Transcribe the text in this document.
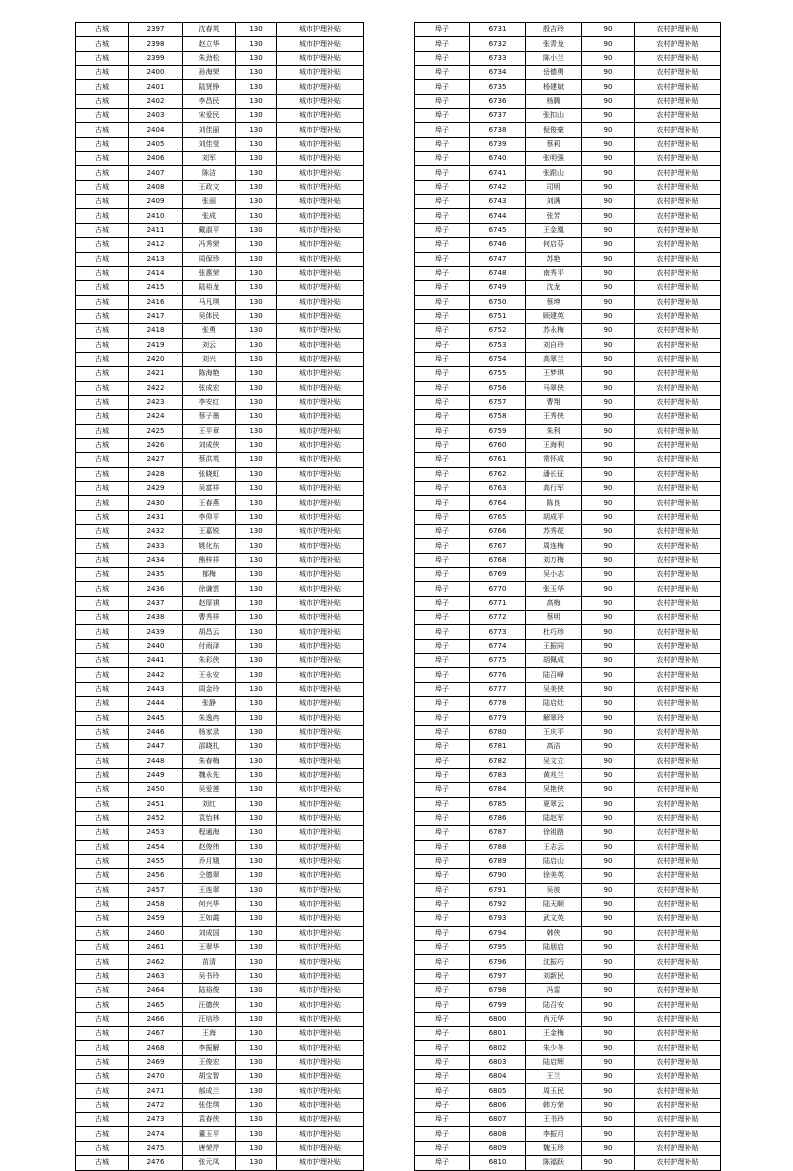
古城	2397	沈春英	130	城市护理补贴
古城	2398	赵立华	130	城市护理补贴
古城	2399	朱劲松	130	城市护理补贴
古城	2400	孙海荣	130	城市护理补贴
古城	2401	陆贤铮	130	城市护理补贴
古城	2402	李昌民	130	城市护理补贴
古城	2403	宋爱民	130	城市护理补贴
古城	2404	刘佳丽	130	城市护理补贴
古城	2405	刘佳莹	130	城市护理补贴
古城	2406	刘军	130	城市护理补贴
古城	2407	陈洁	130	城市护理补贴
古城	2408	王政文	130	城市护理补贴
古城	2409	张丽	130	城市护理补贴
古城	2410	张成	130	城市护理补贴
古城	2411	戴淑平	130	城市护理补贴
古城	2412	冯秀荣	130	城市护理补贴
古城	2413	周保珍	130	城市护理补贴
古城	2414	张惠荣	130	城市护理补贴
古城	2415	陆裕龙	130	城市护理补贴
古城	2416	马凡琪	130	城市护理补贴
古城	2417	吴体民	130	城市护理补贴
古城	2418	张勇	130	城市护理补贴
古城	2419	刘云	130	城市护理补贴
古城	2420	刘兴	130	城市护理补贴
古城	2421	陈海艳	130	城市护理补贴
古城	2422	张成宏	130	城市护理补贴
古城	2423	李安红	130	城市护理补贴
古城	2424	蔡子墨	130	城市护理补贴
古城	2425	王平章	130	城市护理补贴
古城	2426	刘成侠	130	城市护理补贴
古城	2427	蔡洪英	130	城市护理补贴
古城	2428	张晓虹	130	城市护理补贴
古城	2429	吴富祥	130	城市护理补贴
古城	2430	王春燕	130	城市护理补贴
古城	2431	李仰平	130	城市护理补贴
古城	2432	王嘉锐	130	城市护理补贴
古城	2433	姚化东	130	城市护理补贴
古城	2434	熊梓祥	130	城市护理补贴
古城	2435	郁梅	130	城市护理补贴
古城	2436	徐谦雲	130	城市护理补贴
古城	2437	赵厚祺	130	城市护理补贴
古城	2438	曹秀祥	130	城市护理补贴
古城	2439	胡昌云	130	城市护理补贴
古城	2440	付雨泽	130	城市护理补贴
古城	2441	朱彩侠	130	城市护理补贴
古城	2442	王永安	130	城市护理补贴
古城	2443	周金玲	130	城市护理补贴
古城	2444	张静	130	城市护理补贴
古城	2445	朱逸冉	130	城市护理补贴
古城	2446	杨家录	130	城市护理补贴
古城	2447	邵晓扎	130	城市护理补贴
古城	2448	朱春梅	130	城市护理补贴
古城	2449	魏永先	130	城市护理补贴
古城	2450	吴爱莲	130	城市护理补贴
古城	2451	刘红	130	城市护理补贴
古城	2452	袁怡林	130	城市护理补贴
古城	2453	程通海	130	城市护理补贴
古城	2454	赵俊伟	130	城市护理补贴
古城	2455	乔月娥	130	城市护理补贴
古城	2456	仝德翠	130	城市护理补贴
古城	2457	王连翠	130	城市护理补贴
古城	2458	何兴华	130	城市护理补贴
古城	2459	王如霞	130	城市护理补贴
古城	2460	刘成国	130	城市护理补贴
古城	2461	王翠华	130	城市护理补贴
古城	2462	苗清	130	城市护理补贴
古城	2463	吴书玲	130	城市护理补贴
古城	2464	陆裕俊	130	城市护理补贴
古城	2465	汪德侠	130	城市护理补贴
古城	2466	汪培珍	130	城市护理补贴
古城	2467	王海	130	城市护理补贴
古城	2468	李振解	130	城市护理补贴
古城	2469	王俊宏	130	城市护理补贴
古城	2470	胡宝智	130	城市护理补贴
古城	2471	郁成兰	130	城市护理补贴
古城	2472	张佳琪	130	城市护理补贴
古城	2473	袁春侠	130	城市护理补贴
古城	2474	董玉平	130	城市护理补贴
古城	2475	唐荣芹	130	城市护理补贴
古城	2476	张元凤	130	城市护理补贴
埠子	6731	殷吉玲	90	农村护理补贴
埠子	6732	张青龙	90	农村护理补贴
埠子	6733	陈小兰	90	农村护理补贴
埠子	6734	岳德勇	90	农村护理补贴
埠子	6735	杨建斌	90	农村护理补贴
埠子	6736	杨腾	90	农村护理补贴
埠子	6737	张扣山	90	农村护理补贴
埠子	6738	倪俊豪	90	农村护理补贴
埠子	6739	蔡莉	90	农村护理补贴
埠子	6740	张明强	90	农村护理补贴
埠子	6741	张跟山	90	农村护理补贴
埠子	6742	司明	90	农村护理补贴
埠子	6743	刘满	90	农村护理补贴
埠子	6744	张芳	90	农村护理补贴
埠子	6745	王金凰	90	农村护理补贴
埠子	6746	何启芬	90	农村护理补贴
埠子	6747	苏艳	90	农村护理补贴
埠子	6748	南秀平	90	农村护理补贴
埠子	6749	沈龙	90	农村护理补贴
埠子	6750	蔡坤	90	农村护理补贴
埠子	6751	顾建英	90	农村护理补贴
埠子	6752	苏永梅	90	农村护理补贴
埠子	6753	刘自玲	90	农村护理补贴
埠子	6754	高翠兰	90	农村护理补贴
埠子	6755	王梦琪	90	农村护理补贴
埠子	6756	马翠侠	90	农村护理补贴
埠子	6757	曹翔	90	农村护理补贴
埠子	6758	王秀侠	90	农村护理补贴
埠子	6759	朱利	90	农村护理补贴
埠子	6760	王海利	90	农村护理补贴
埠子	6761	常怀成	90	农村护理补贴
埠子	6762	潘长征	90	农村护理补贴
埠子	6763	高行军	90	农村护理补贴
埠子	6764	陈良	90	农村护理补贴
埠子	6765	胡成平	90	农村护理补贴
埠子	6766	苏秀花	90	农村护理补贴
埠子	6767	周连梅	90	农村护理补贴
埠子	6768	刘万梅	90	农村护理补贴
埠子	6769	吴小志	90	农村护理补贴
埠子	6770	张玉华	90	农村护理补贴
埠子	6771	高梅	90	农村护理补贴
埠子	6772	蔡明	90	农村护理补贴
埠子	6773	杜巧珍	90	农村护理补贴
埠子	6774	王振同	90	农村护理补贴
埠子	6775	胡佩成	90	农村护理补贴
埠子	6776	陆召峰	90	农村护理补贴
埠子	6777	吴美侠	90	农村护理补贴
埠子	6778	陆启灶	90	农村护理补贴
埠子	6779	解翠玲	90	农村护理补贴
埠子	6780	王庆平	90	农村护理补贴
埠子	6781	高洁	90	农村护理补贴
埠子	6782	吴文立	90	农村护理补贴
埠子	6783	黄兆兰	90	农村护理补贴
埠子	6784	吴艳侠	90	农村护理补贴
埠子	6785	夏翠云	90	农村护理补贴
埠子	6786	陆赵军	90	农村护理补贴
埠子	6787	徐祖路	90	农村护理补贴
埠子	6788	王志云	90	农村护理补贴
埠子	6789	陆启山	90	农村护理补贴
埠子	6790	徐美英	90	农村护理补贴
埠子	6791	吴彼	90	农村护理补贴
埠子	6792	陆天顺	90	农村护理补贴
埠子	6793	武文英	90	农村护理补贴
埠子	6794	韩侠	90	农村护理补贴
埠子	6795	陆朋启	90	农村护理补贴
埠子	6796	沈振巧	90	农村护理补贴
埠子	6797	刘新民	90	农村护理补贴
埠子	6798	冯雷	90	农村护理补贴
埠子	6799	陆召安	90	农村护理补贴
埠子	6800	肖元华	90	农村护理补贴
埠子	6801	王金梅	90	农村护理补贴
埠子	6802	朱少冬	90	农村护理补贴
埠子	6803	陆启辉	90	农村护理补贴
埠子	6804	王兰	90	农村护理补贴
埠子	6805	周玉民	90	农村护理补贴
埠子	6806	韩方荣	90	农村护理补贴
埠子	6807	王书玲	90	农村护理补贴
埠子	6808	李振月	90	农村护理补贴
埠子	6809	魏玉珍	90	农村护理补贴
埠子	6810	陈福跃	90	农村护理补贴
